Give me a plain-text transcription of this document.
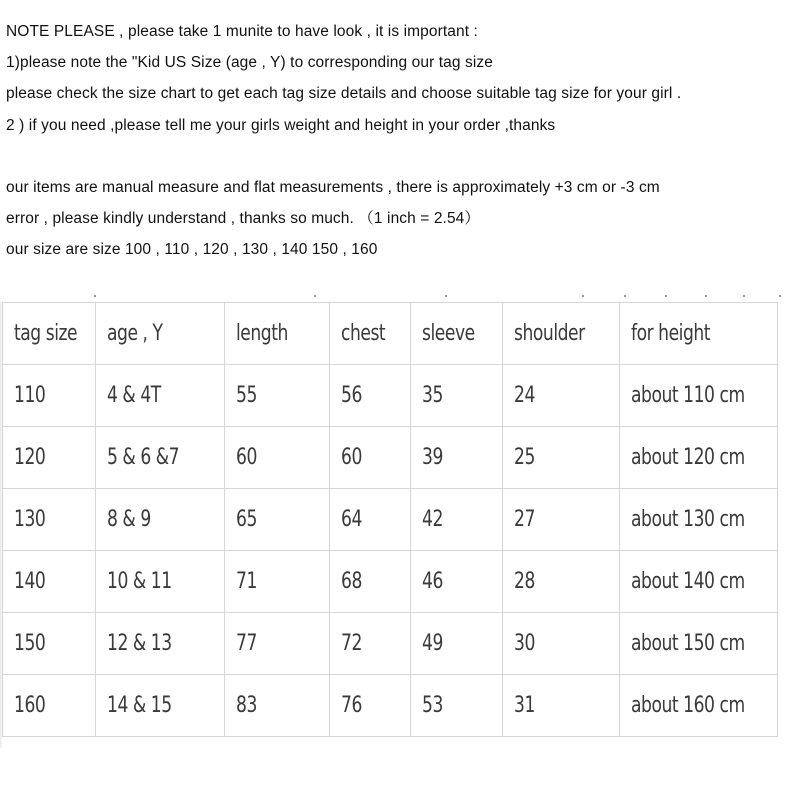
NOTE PLEASE , please take 1 munite to have look , it is important :
1)please note the "Kid US Size (age , Y) to corresponding our tag size
please check the size chart to get each tag size details and choose suitable tag size for your girl .
2 ) if you need ,please tell me your girls weight and height in your order ,thanks
our items are manual measure and flat measurements , there is approximately +3 cm or -3 cm
error , please kindly understand , thanks so much. （1 inch = 2.54）
our size are size 100 , 110 , 120 , 130 , 140 150 , 160
tag size	age , Y	length	chest	sleeve	shoulder	for height
110	4 & 4T	55	56	35	24	about 110 cm
120	5 & 6 &7	60	60	39	25	about 120 cm
130	8 & 9	65	64	42	27	about 130 cm
140	10 & 11	71	68	46	28	about 140 cm
150	12 & 13	77	72	49	30	about 150 cm
160	14 & 15	83	76	53	31	about 160 cm
